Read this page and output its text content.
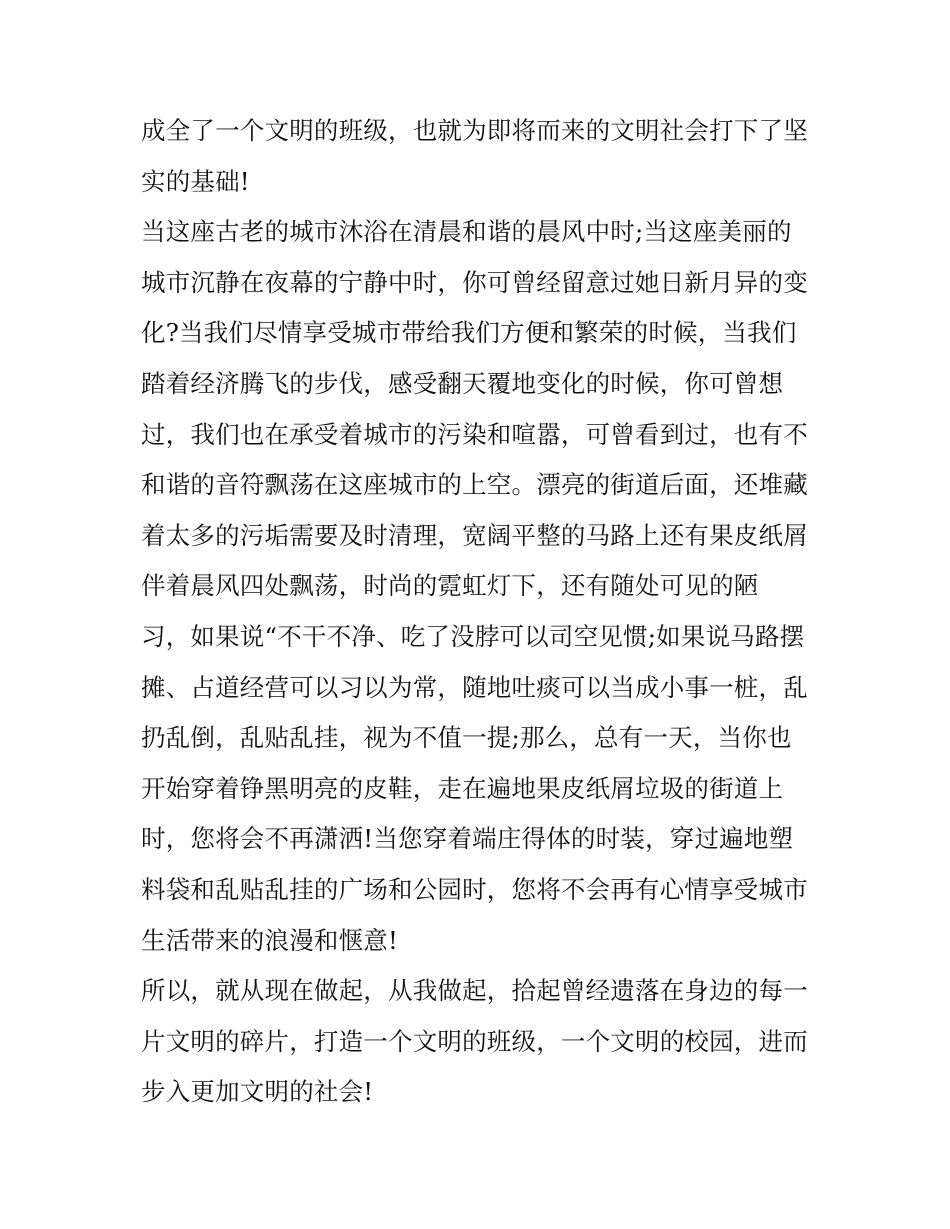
成全了一个文明的班级，也就为即将而来的文明社会打下了坚
实的基础!
当这座古老的城市沐浴在清晨和谐的晨风中时;当这座美丽的
城市沉静在夜幕的宁静中时，你可曾经留意过她日新月异的变
化?当我们尽情享受城市带给我们方便和繁荣的时候，当我们
踏着经济腾飞的步伐，感受翻天覆地变化的时候，你可曾想
过，我们也在承受着城市的污染和喧嚣，可曾看到过，也有不
和谐的音符飘荡在这座城市的上空。漂亮的街道后面，还堆藏
着太多的污垢需要及时清理，宽阔平整的马路上还有果皮纸屑
伴着晨风四处飘荡，时尚的霓虹灯下，还有随处可见的陋
习，如果说“不干不净、吃了没脖可以司空见惯;如果说马路摆
摊、占道经营可以习以为常，随地吐痰可以当成小事一桩，乱
扔乱倒，乱贴乱挂，视为不值一提;那么，总有一天，当你也
开始穿着铮黑明亮的皮鞋，走在遍地果皮纸屑垃圾的街道上
时，您将会不再潇洒!当您穿着端庄得体的时装，穿过遍地塑
料袋和乱贴乱挂的广场和公园时，您将不会再有心情享受城市
生活带来的浪漫和惬意!
所以，就从现在做起，从我做起，拾起曾经遗落在身边的每一
片文明的碎片，打造一个文明的班级，一个文明的校园，进而
步入更加文明的社会!
